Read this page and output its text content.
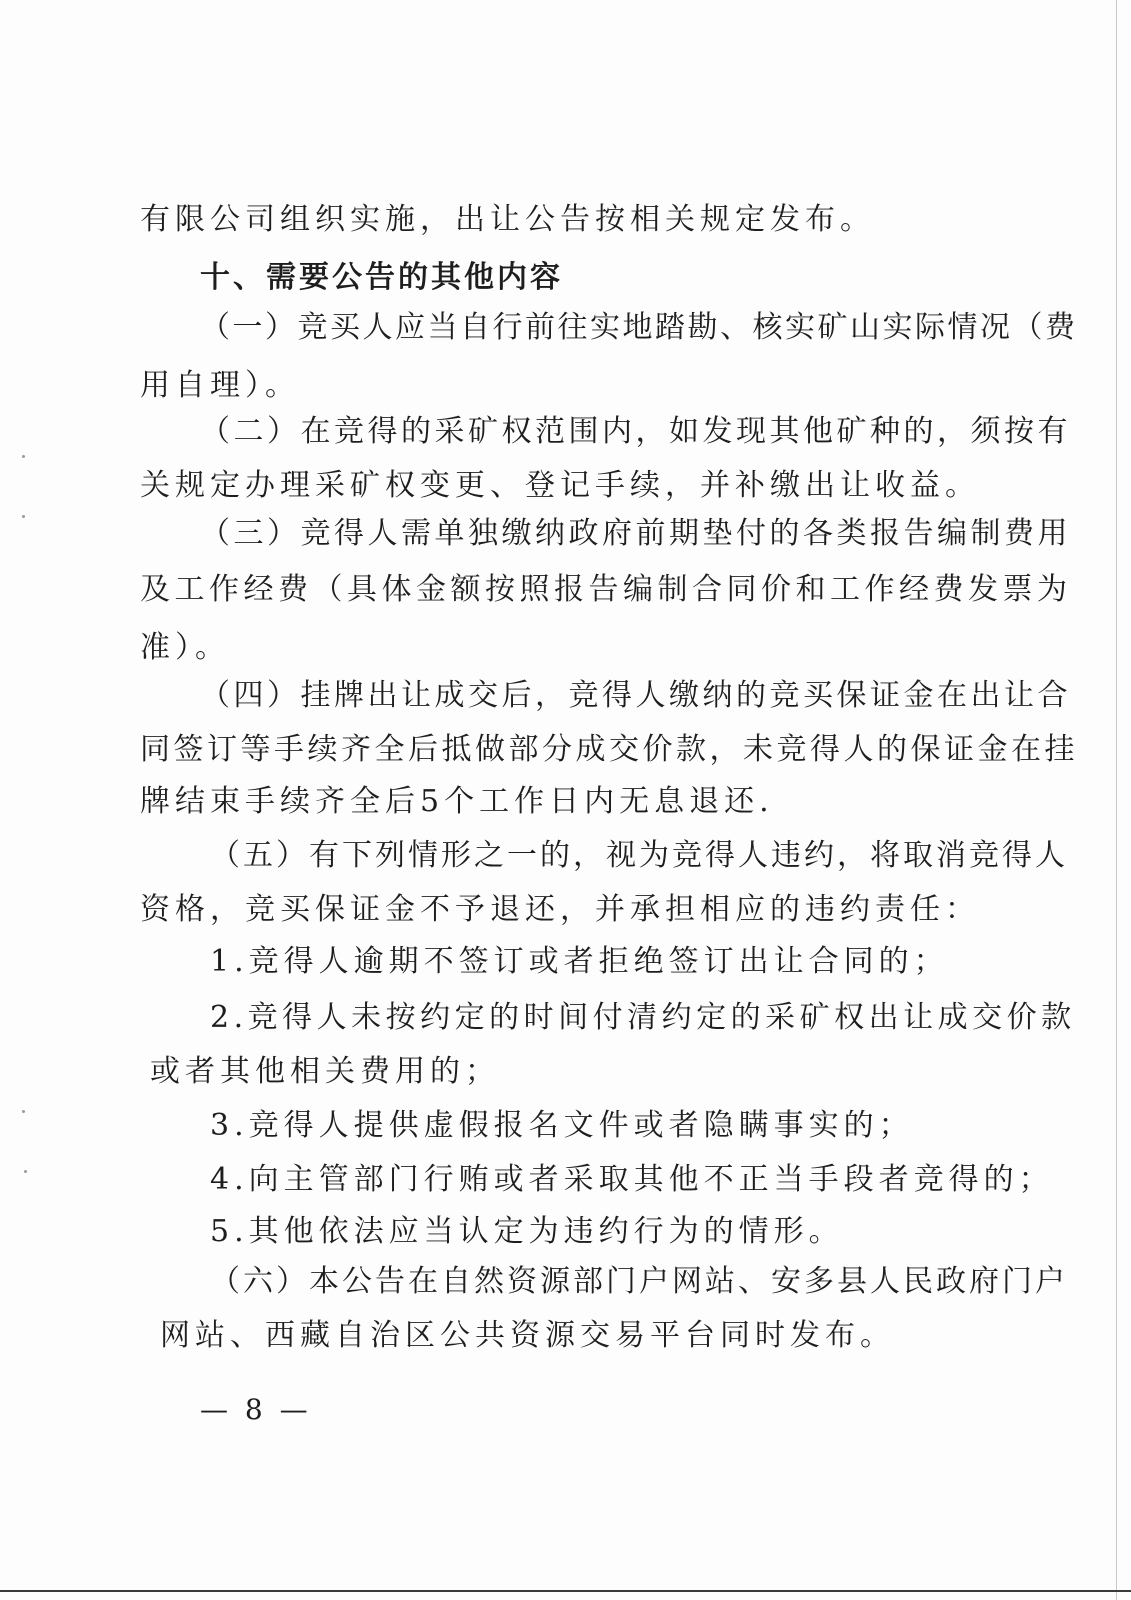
有限公司组织实施，出让公告按相关规定发布。

十、需要公告的其他内容

（一）竞买人应当自行前往实地踏勘、核实矿山实际情况（费

用自理）。

（二）在竞得的采矿权范围内，如发现其他矿种的，须按有

关规定办理采矿权变更、登记手续，并补缴出让收益。

（三）竞得人需单独缴纳政府前期垫付的各类报告编制费用

及工作经费（具体金额按照报告编制合同价和工作经费发票为

准）。

（四）挂牌出让成交后，竞得人缴纳的竞买保证金在出让合

同签订等手续齐全后抵做部分成交价款，未竞得人的保证金在挂

牌结束手续齐全后5个工作日内无息退还.

（五）有下列情形之一的，视为竞得人违约，将取消竞得人

资格，竞买保证金不予退还，并承担相应的违约责任：

1.竞得人逾期不签订或者拒绝签订出让合同的；

2.竞得人未按约定的时间付清约定的采矿权出让成交价款

或者其他相关费用的；

3.竞得人提供虚假报名文件或者隐瞒事实的；

4.向主管部门行贿或者采取其他不正当手段者竞得的；

5.其他依法应当认定为违约行为的情形。

（六）本公告在自然资源部门户网站、安多县人民政府门户

网站、西藏自治区公共资源交易平台同时发布。

— 8 —
